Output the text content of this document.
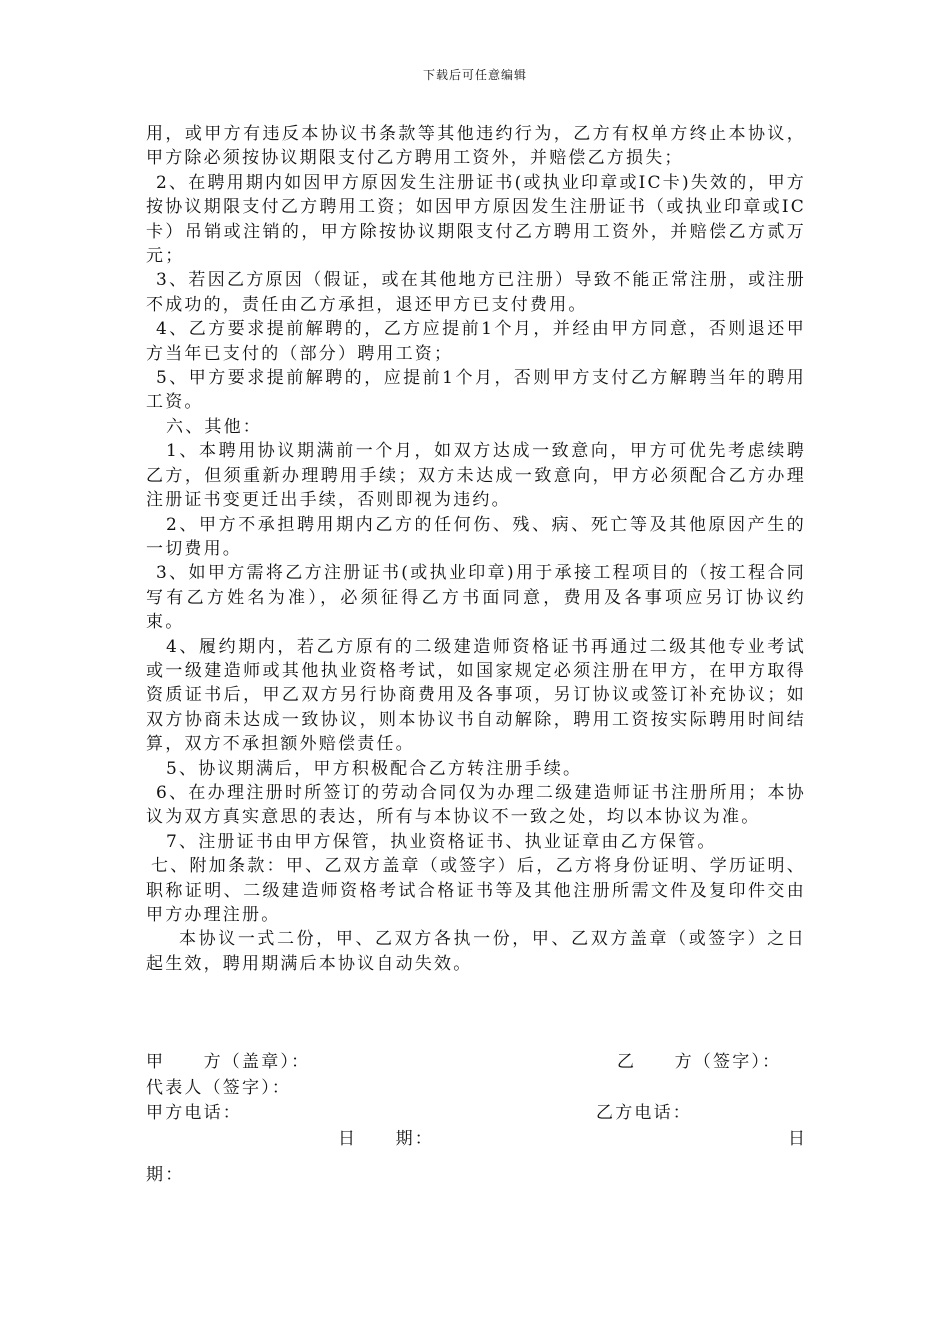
下载后可任意编辑

用，或甲方有违反本协议书条款等其他违约行为，乙方有权单方终止本协议，甲方除必须按协议期限支付乙方聘用工资外，并赔偿乙方损失；

2、在聘用期内如因甲方原因发生注册证书(或执业印章或IC卡)失效的，甲方按协议期限支付乙方聘用工资；如因甲方原因发生注册证书（或执业印章或IC卡）吊销或注销的，甲方除按协议期限支付乙方聘用工资外，并赔偿乙方贰万元；

3、若因乙方原因（假证，或在其他地方已注册）导致不能正常注册，或注册不成功的，责任由乙方承担，退还甲方已支付费用。

4、乙方要求提前解聘的，乙方应提前1个月，并经由甲方同意，否则退还甲方当年已支付的（部分）聘用工资；

5、甲方要求提前解聘的，应提前1个月，否则甲方支付乙方解聘当年的聘用工资。

六、其他：

1、本聘用协议期满前一个月，如双方达成一致意向，甲方可优先考虑续聘乙方，但须重新办理聘用手续；双方未达成一致意向，甲方必须配合乙方办理注册证书变更迁出手续，否则即视为违约。

2、甲方不承担聘用期内乙方的任何伤、残、病、死亡等及其他原因产生的一切费用。

3、如甲方需将乙方注册证书(或执业印章)用于承接工程项目的（按工程合同写有乙方姓名为准），必须征得乙方书面同意，费用及各事项应另订协议约束。

4、履约期内，若乙方原有的二级建造师资格证书再通过二级其他专业考试或一级建造师或其他执业资格考试，如国家规定必须注册在甲方，在甲方取得资质证书后，甲乙双方另行协商费用及各事项，另订协议或签订补充协议；如双方协商未达成一致协议，则本协议书自动解除，聘用工资按实际聘用时间结算，双方不承担额外赔偿责任。

5、协议期满后，甲方积极配合乙方转注册手续。

6、在办理注册时所签订的劳动合同仅为办理二级建造师证书注册所用；本协议为双方真实意思的表达，所有与本协议不一致之处，均以本协议为准。

7、注册证书由甲方保管，执业资格证书、执业证章由乙方保管。

七、附加条款：甲、乙双方盖章（或签字）后，乙方将身份证明、学历证明、职称证明、二级建造师资格考试合格证书等及其他注册所需文件及复印件交由甲方办理注册。

本协议一式二份，甲、乙双方各执一份，甲、乙双方盖章（或签字）之日起生效，聘用期满后本协议自动失效。

甲　　方（盖章）：	乙　　方（签字）：
代表人（签字）：
甲方电话：	乙方电话：
日　　期：	日
期：
